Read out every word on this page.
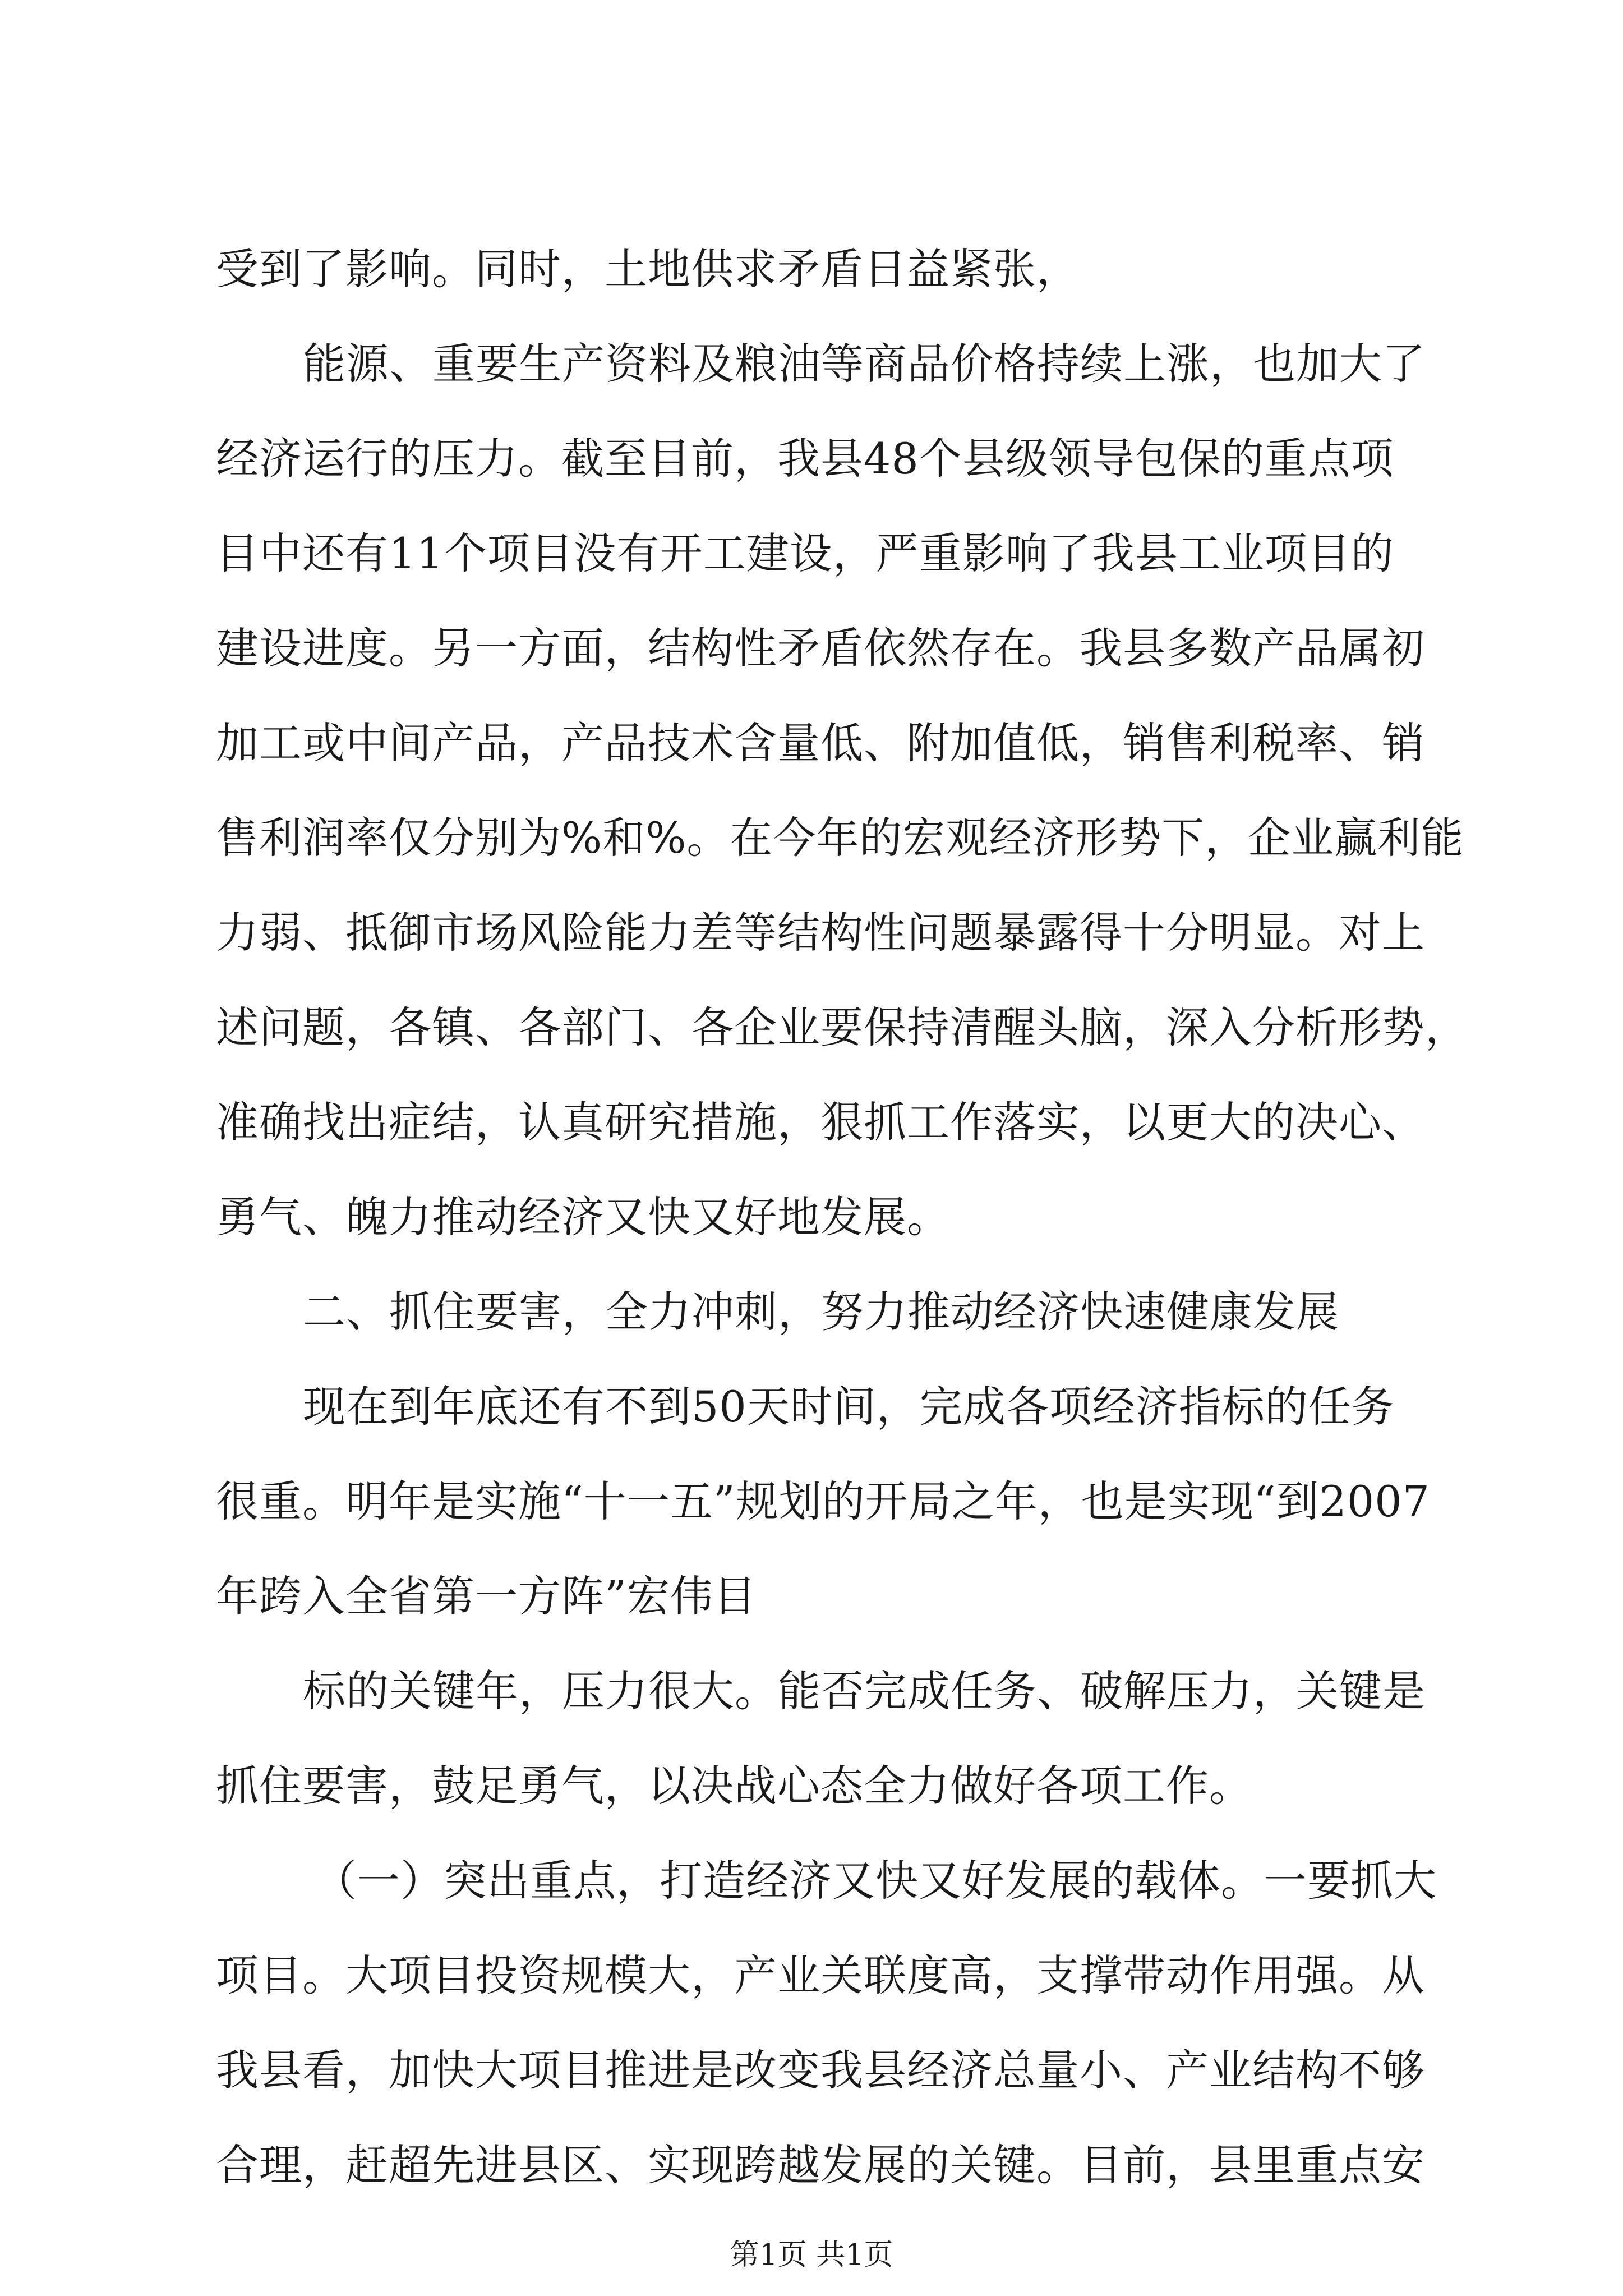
受到了影响。同时，土地供求矛盾日益紧张，
能源、重要生产资料及粮油等商品价格持续上涨，也加大了
经济运行的压力。截至目前，我县48个县级领导包保的重点项
目中还有11个项目没有开工建设，严重影响了我县工业项目的
建设进度。另一方面，结构性矛盾依然存在。我县多数产品属初
加工或中间产品，产品技术含量低、附加值低，销售利税率、销
售利润率仅分别为%和%。在今年的宏观经济形势下，企业赢利能
力弱、抵御市场风险能力差等结构性问题暴露得十分明显。对上
述问题，各镇、各部门、各企业要保持清醒头脑，深入分析形势，
准确找出症结，认真研究措施，狠抓工作落实，以更大的决心、
勇气、魄力推动经济又快又好地发展。
二、抓住要害，全力冲刺，努力推动经济快速健康发展
现在到年底还有不到50天时间，完成各项经济指标的任务
很重。明年是实施“十一五”规划的开局之年，也是实现“到2007
年跨入全省第一方阵”宏伟目
标的关键年，压力很大。能否完成任务、破解压力，关键是
抓住要害，鼓足勇气，以决战心态全力做好各项工作。
（一）突出重点，打造经济又快又好发展的载体。一要抓大
项目。大项目投资规模大，产业关联度高，支撑带动作用强。从
我县看，加快大项目推进是改变我县经济总量小、产业结构不够
合理，赶超先进县区、实现跨越发展的关键。目前，县里重点安
第1页 共1页
